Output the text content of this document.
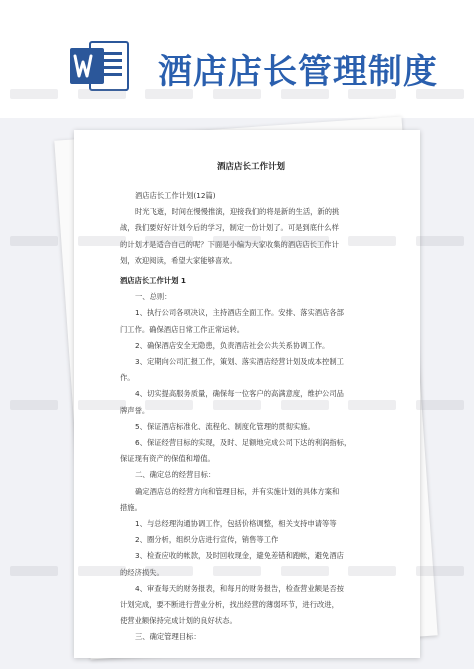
酒店店长管理制度
酒店店长工作计划
酒店店长工作计划(12篇)
时光飞逝，时间在慢慢推演，迎接我们的将是新的生活，新的挑
战，我们要好好计划今后的学习，制定一份计划了。可是到底什么样
的计划才是适合自己的呢？下面是小编为大家收集的酒店店长工作计
划，欢迎阅读，希望大家能够喜欢。
酒店店长工作计划 1
一、总则：
1、执行公司各项决议，主持酒店全面工作。安排、落实酒店各部
门工作。确保酒店日常工作正常运转。
2、确保酒店安全无隐患，负责酒店社会公共关系协调工作。
3、定期向公司汇报工作，策划、落实酒店经营计划及成本控制工
作。
4、切实提高服务质量，确保每一位客户的高满意度，维护公司品
牌声誉。
5、保证酒店标准化、流程化、制度化管理的贯彻实施。
6、保证经营目标的实现，及时、足额地完成公司下达的利润指标，
保证现有资产的保值和增值。
二、确定总的经营目标：
确定酒店总的经营方向和管理目标，并有实施计划的具体方案和
措施。
1、与总经理沟通协调工作，包括价格调整，相关支持申请等等
2、圈分析，组织分店进行宣传，销售等工作
3、检查应收的帐款，及时回收现金，避免差错和跑帐，避免酒店
的经济损失。
4、审查每天的财务报表，和每月的财务报告，检查营业额是否按
计划完成，要不断进行营业分析，找出经营的薄弱环节，进行改进，
使营业额保持完成计划的良好状态。
三、确定管理目标：
